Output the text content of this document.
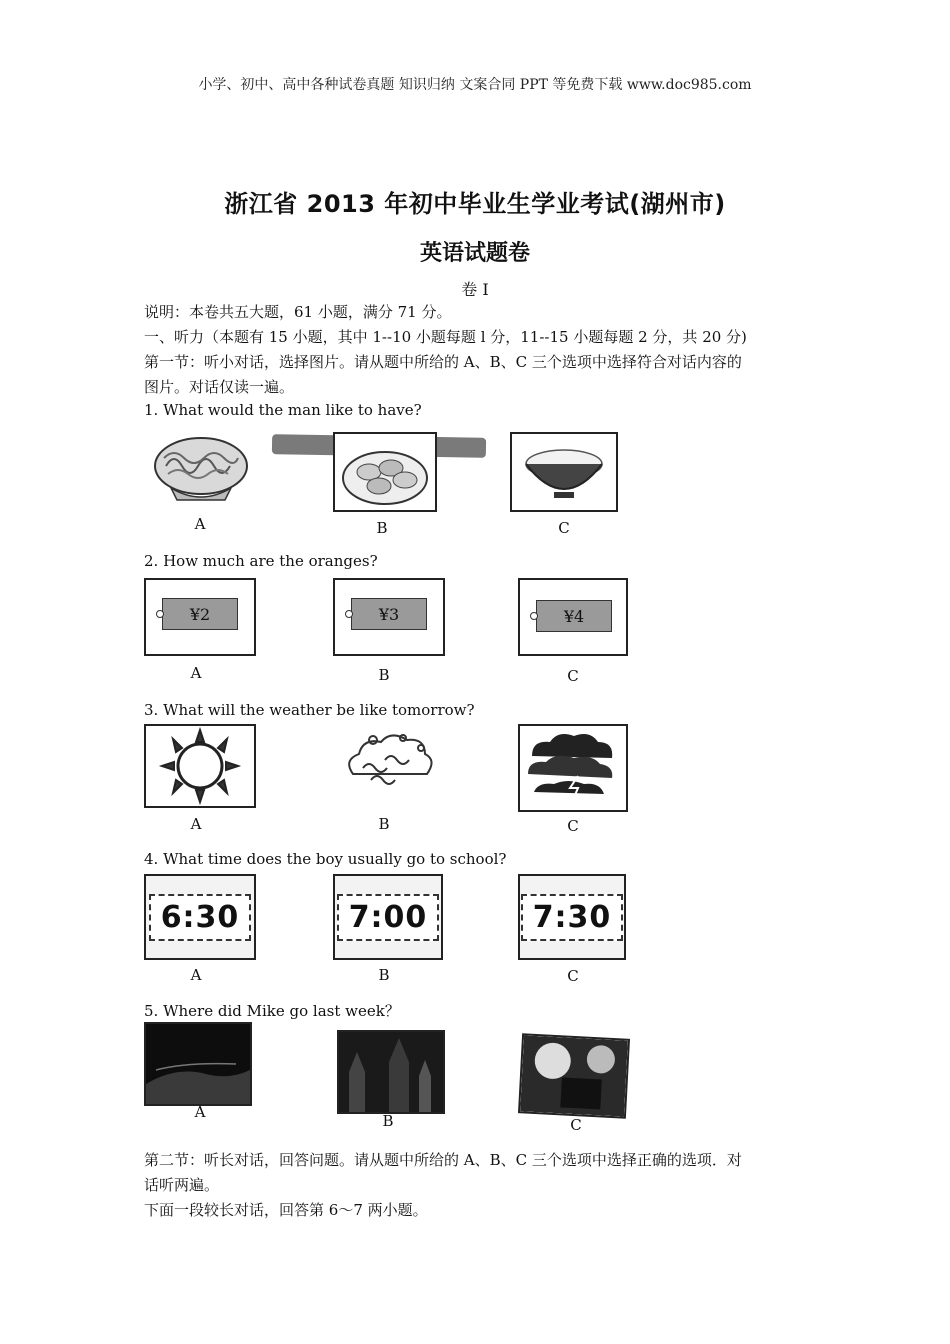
小学、初中、高中各种试卷真题 知识归纳 文案合同 PPT 等免费下载 www.doc985.com
浙江省 2013 年初中毕业生学业考试(湖州市)
英语试题卷
卷 I
说明：本卷共五大题，61 小题，满分 71 分。
一、听力（本题有 15 小题，其中 1--10 小题每题 l 分，11--15 小题每题 2 分，共 20 分)
第一节：听小对话，选择图片。请从题中所给的 A、B、C 三个选项中选择符合对话内容的
图片。对话仅读一遍。
1. What would the man like to have?
A	B	C
2. How much are the oranges?
¥2	¥3	¥4
A	B	C
3. What will the weather be like tomorrow?
A	B	C
4. What time does the boy usually go to school?
6:30	7:00	7:30
A	B	C
5. Where did Mike go last week？
A	B	C
第二节：听长对话，回答问题。请从题中所给的 A、B、C 三个选项中选择正确的选项．对
话听两遍。
下面一段较长对话，回答第 6～7 两小题。
